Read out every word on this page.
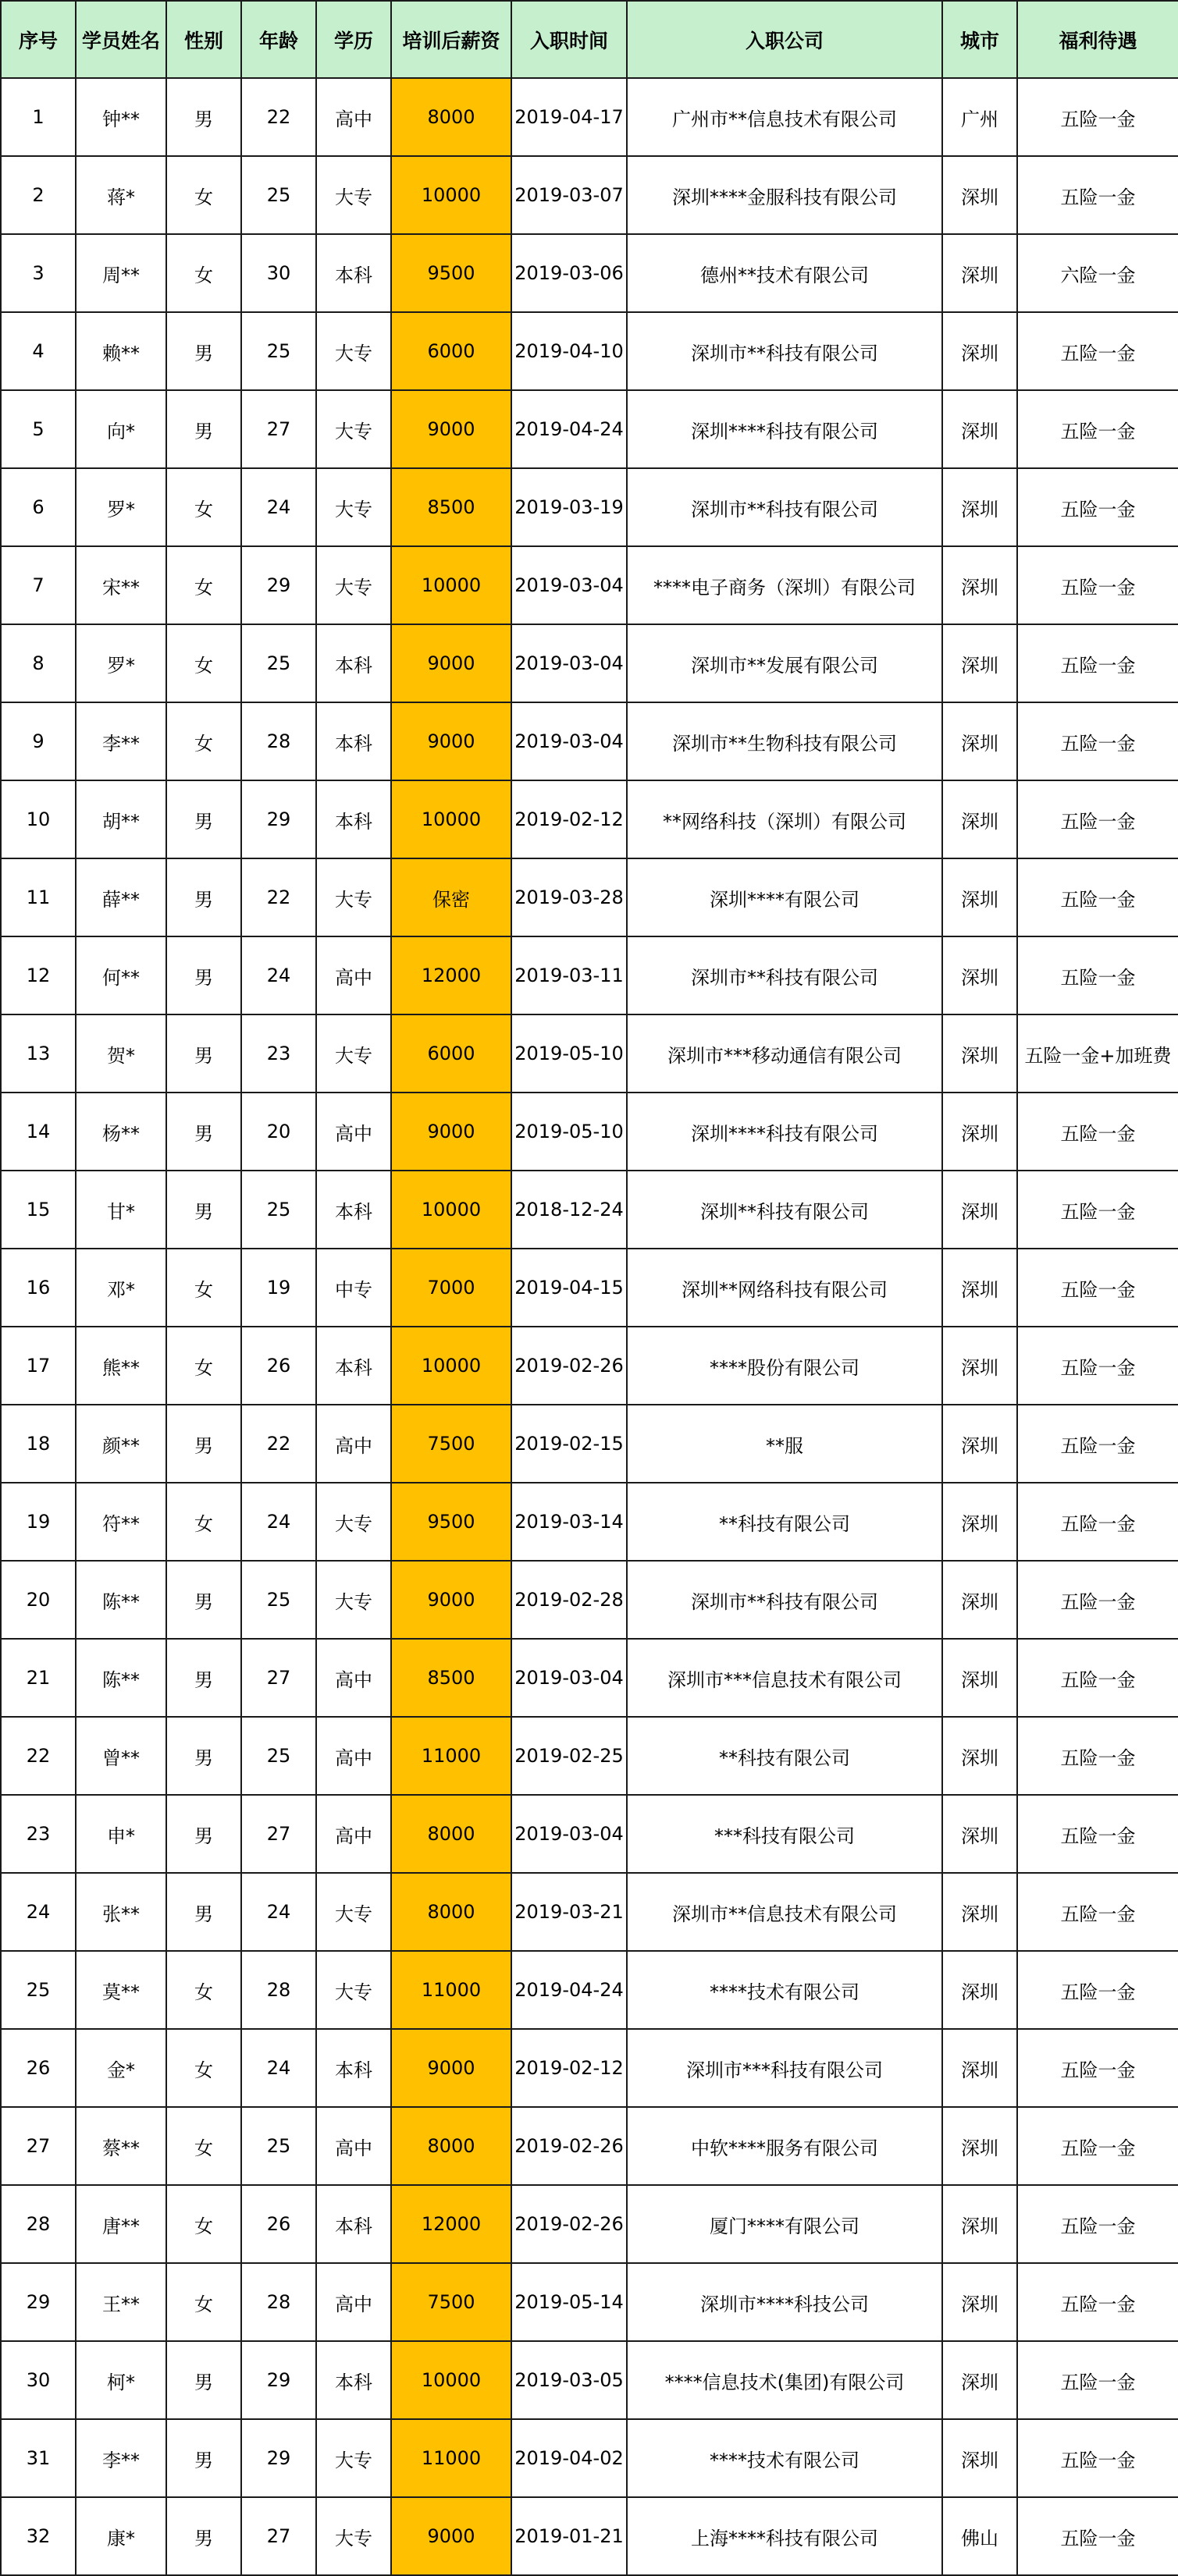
序号	学员姓名	性别	年龄	学历	培训后薪资	入职时间	入职公司	城市	福利待遇
1	钟**	男	22	高中	8000	2019-04-17	广州市**信息技术有限公司	广州	五险一金
2	蒋*	女	25	大专	10000	2019-03-07	深圳****金服科技有限公司	深圳	五险一金
3	周**	女	30	本科	9500	2019-03-06	德州**技术有限公司	深圳	六险一金
4	赖**	男	25	大专	6000	2019-04-10	深圳市**科技有限公司	深圳	五险一金
5	向*	男	27	大专	9000	2019-04-24	深圳****科技有限公司	深圳	五险一金
6	罗*	女	24	大专	8500	2019-03-19	深圳市**科技有限公司	深圳	五险一金
7	宋**	女	29	大专	10000	2019-03-04	****电子商务（深圳）有限公司	深圳	五险一金
8	罗*	女	25	本科	9000	2019-03-04	深圳市**发展有限公司	深圳	五险一金
9	李**	女	28	本科	9000	2019-03-04	深圳市**生物科技有限公司	深圳	五险一金
10	胡**	男	29	本科	10000	2019-02-12	**网络科技（深圳）有限公司	深圳	五险一金
11	薛**	男	22	大专	保密	2019-03-28	深圳****有限公司	深圳	五险一金
12	何**	男	24	高中	12000	2019-03-11	深圳市**科技有限公司	深圳	五险一金
13	贺*	男	23	大专	6000	2019-05-10	深圳市***移动通信有限公司	深圳	五险一金+加班费
14	杨**	男	20	高中	9000	2019-05-10	深圳****科技有限公司	深圳	五险一金
15	甘*	男	25	本科	10000	2018-12-24	深圳**科技有限公司	深圳	五险一金
16	邓*	女	19	中专	7000	2019-04-15	深圳**网络科技有限公司	深圳	五险一金
17	熊**	女	26	本科	10000	2019-02-26	****股份有限公司	深圳	五险一金
18	颜**	男	22	高中	7500	2019-02-15	**服	深圳	五险一金
19	符**	女	24	大专	9500	2019-03-14	**科技有限公司	深圳	五险一金
20	陈**	男	25	大专	9000	2019-02-28	深圳市**科技有限公司	深圳	五险一金
21	陈**	男	27	高中	8500	2019-03-04	深圳市***信息技术有限公司	深圳	五险一金
22	曾**	男	25	高中	11000	2019-02-25	**科技有限公司	深圳	五险一金
23	申*	男	27	高中	8000	2019-03-04	***科技有限公司	深圳	五险一金
24	张**	男	24	大专	8000	2019-03-21	深圳市**信息技术有限公司	深圳	五险一金
25	莫**	女	28	大专	11000	2019-04-24	****技术有限公司	深圳	五险一金
26	金*	女	24	本科	9000	2019-02-12	深圳市***科技有限公司	深圳	五险一金
27	蔡**	女	25	高中	8000	2019-02-26	中软****服务有限公司	深圳	五险一金
28	唐**	女	26	本科	12000	2019-02-26	厦门****有限公司	深圳	五险一金
29	王**	女	28	高中	7500	2019-05-14	深圳市****科技公司	深圳	五险一金
30	柯*	男	29	本科	10000	2019-03-05	****信息技术(集团)有限公司	深圳	五险一金
31	李**	男	29	大专	11000	2019-04-02	****技术有限公司	深圳	五险一金
32	康*	男	27	大专	9000	2019-01-21	上海****科技有限公司	佛山	五险一金
